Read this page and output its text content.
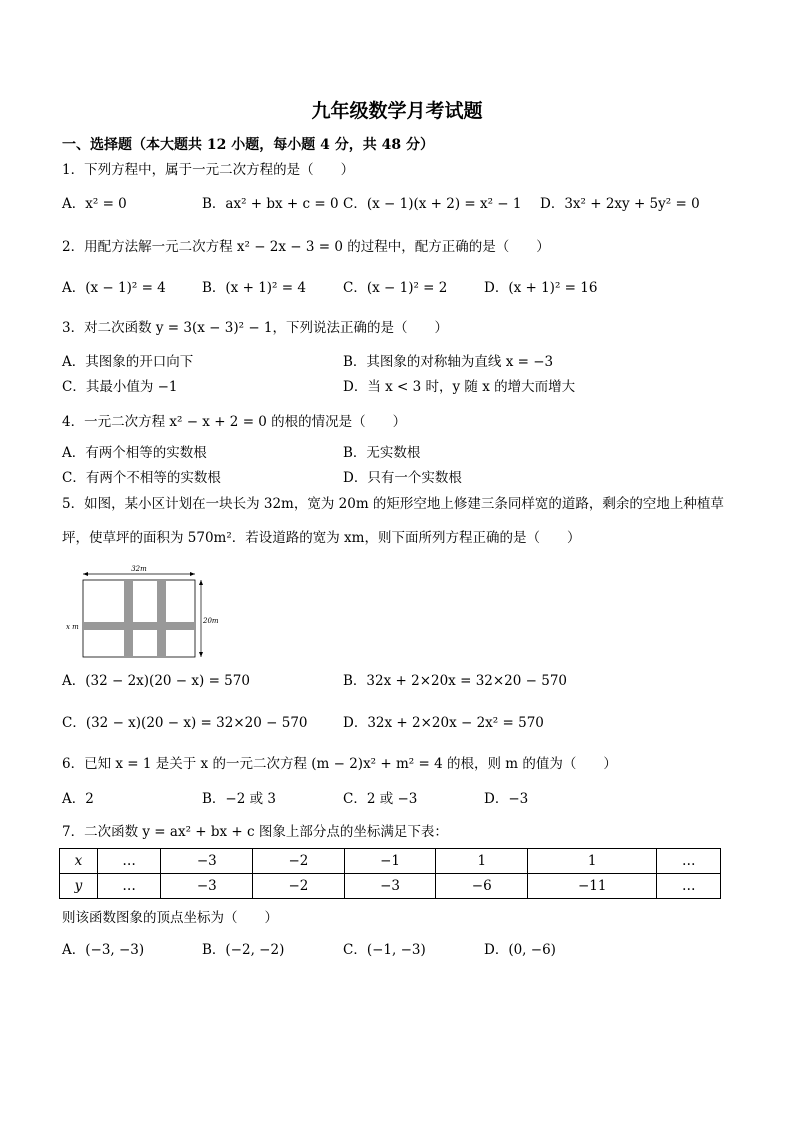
九年级数学月考试题
一、选择题（本大题共 12 小题，每小题 4 分，共 48 分）
1．下列方程中，属于一元二次方程的是（　　）
A．x² = 0	B．ax² + bx + c = 0 C．(x − 1)(x + 2) = x² − 1 D．3x² + 2xy + 5y² = 0
2．用配方法解一元二次方程 x² − 2x − 3 = 0 的过程中，配方正确的是（　　）
A．(x − 1)² = 4	B．(x + 1)² = 4	C．(x − 1)² = 2	D．(x + 1)² = 16
3．对二次函数 y = 3(x − 3)² − 1，下列说法正确的是（　　）
A．其图象的开口向下	B．其图象的对称轴为直线 x = −3
C．其最小值为 −1	D．当 x < 3 时，y 随 x 的增大而增大
4．一元二次方程 x² − x + 2 = 0 的根的情况是（　　）
A．有两个相等的实数根	B．无实数根
C．有两个不相等的实数根	D．只有一个实数根
5．如图，某小区计划在一块长为 32m，宽为 20m 的矩形空地上修建三条同样宽的道路，剩余的空地上种植草
坪，使草坪的面积为 570m²．若设道路的宽为 xm，则下面所列方程正确的是（　　）
32m
20m
x m
A．(32 − 2x)(20 − x) = 570	B．32x + 2×20x = 32×20 − 570
C．(32 − x)(20 − x) = 32×20 − 570	D．32x + 2×20x − 2x² = 570
6．已知 x = 1 是关于 x 的一元二次方程 (m − 2)x² + m² = 4 的根，则 m 的值为（　　）
A．2	B．−2 或 3	C．2 或 −3	D．−3
7．二次函数 y = ax² + bx + c 图象上部分点的坐标满足下表：
x	…	−3	−2	−1	1	1	…
y	…	−3	−2	−3	−6	−11	…
则该函数图象的顶点坐标为（　　）
A．(−3, −3)	B．(−2, −2)	C．(−1, −3)	D．(0, −6)
